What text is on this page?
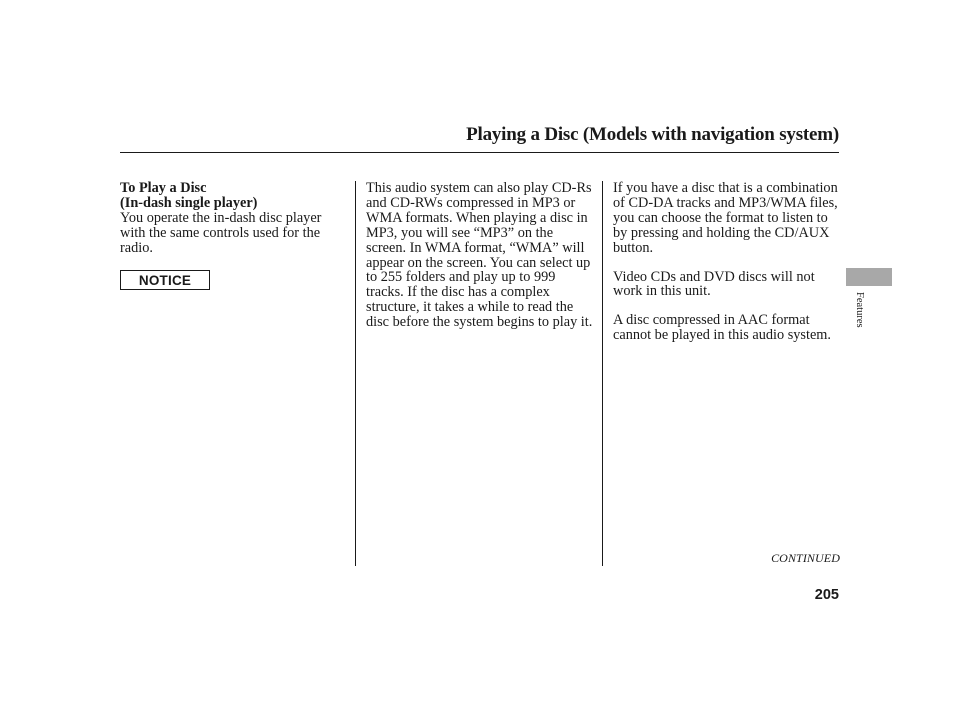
Playing a Disc (Models with navigation system)
To Play a Disc
(In-dash single player)

You operate the in-dash disc player with the same controls used for the radio.

NOTICE

This audio system can also play CD-Rs and CD-RWs compressed in MP3 or WMA formats. When playing a disc in MP3, you will see “MP3” on the screen. In WMA format, “WMA” will appear on the screen. You can select up to 255 folders and play up to 999 tracks. If the disc has a complex structure, it takes a while to read the disc before the system begins to play it.

If you have a disc that is a combination of CD-DA tracks and MP3/WMA files, you can choose the format to listen to by pressing and holding the CD/AUX button.

Video CDs and DVD discs will not work in this unit.

A disc compressed in AAC format cannot be played in this audio system.

Features
CONTINUED
205
